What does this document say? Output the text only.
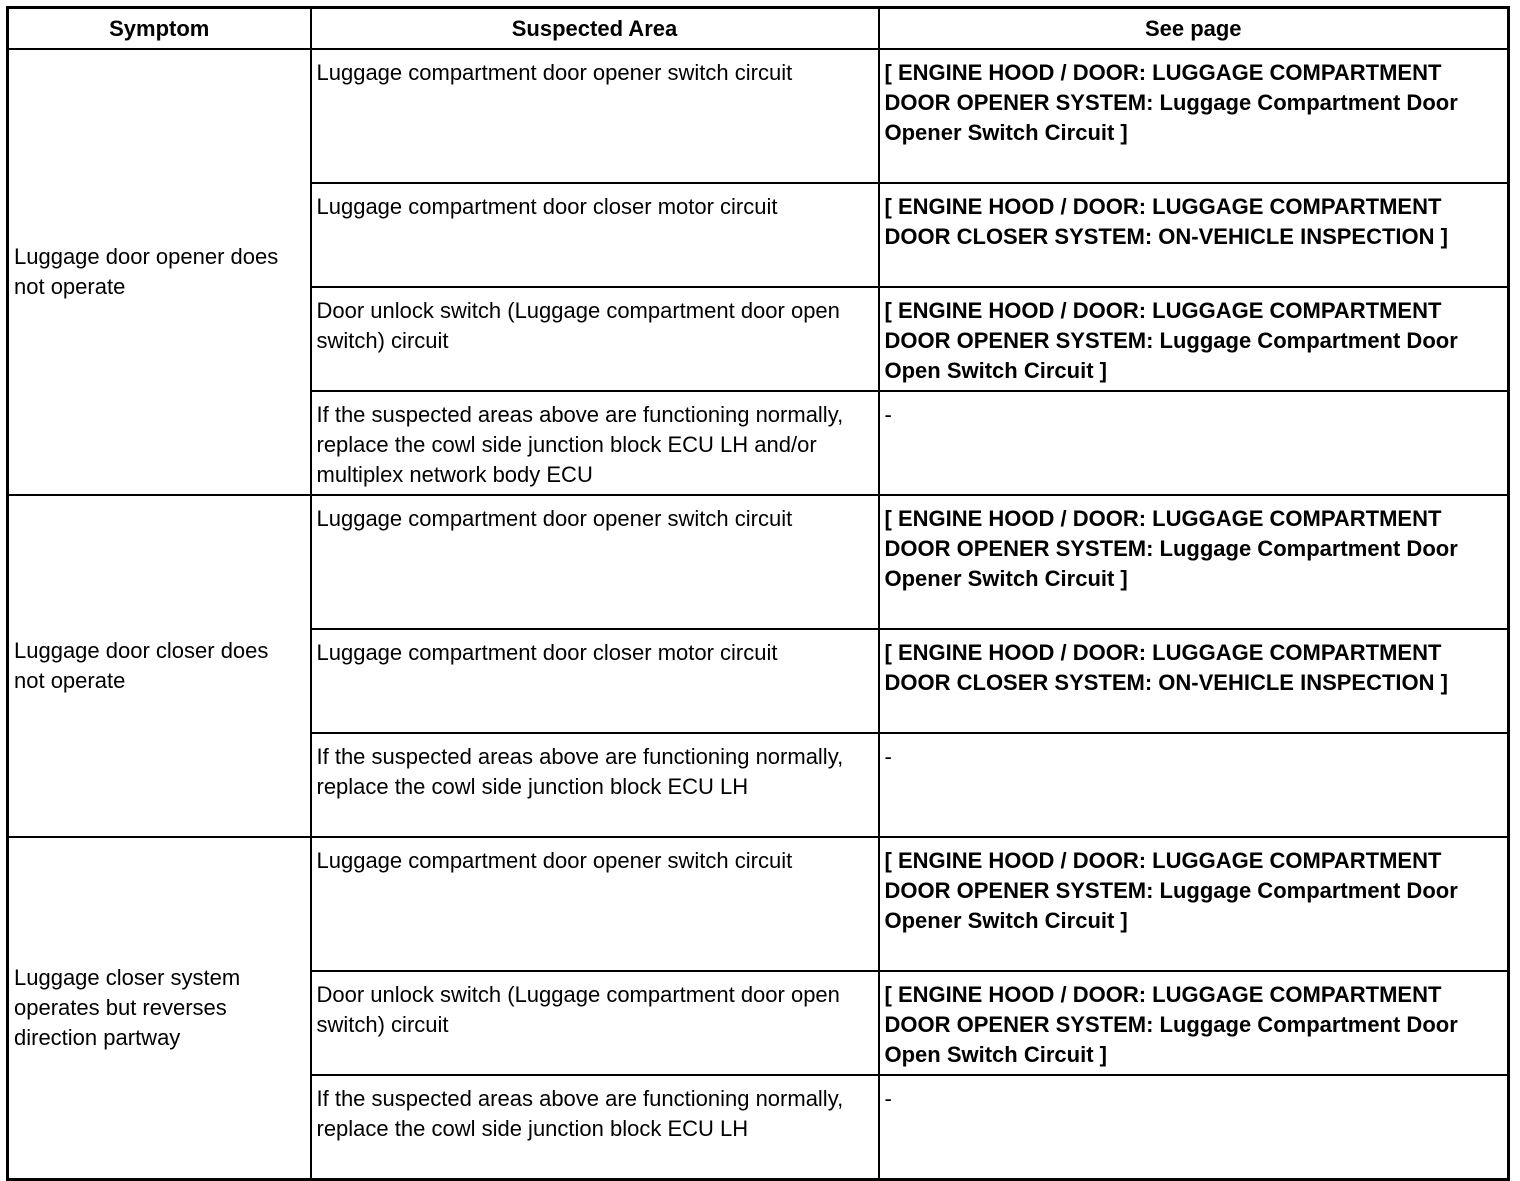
Symptom	Suspected Area	See page
Luggage door opener does not operate	Luggage compartment door opener switch circuit	[ ENGINE HOOD / DOOR: LUGGAGE COMPARTMENT DOOR OPENER SYSTEM: Luggage Compartment Door Opener Switch Circuit ]
	Luggage compartment door closer motor circuit	[ ENGINE HOOD / DOOR: LUGGAGE COMPARTMENT DOOR CLOSER SYSTEM: ON-VEHICLE INSPECTION ]
	Door unlock switch (Luggage compartment door open switch) circuit	[ ENGINE HOOD / DOOR: LUGGAGE COMPARTMENT DOOR OPENER SYSTEM: Luggage Compartment Door Open Switch Circuit ]
	If the suspected areas above are functioning normally, replace the cowl side junction block ECU LH and/or multiplex network body ECU	-
Luggage door closer does not operate	Luggage compartment door opener switch circuit	[ ENGINE HOOD / DOOR: LUGGAGE COMPARTMENT DOOR OPENER SYSTEM: Luggage Compartment Door Opener Switch Circuit ]
	Luggage compartment door closer motor circuit	[ ENGINE HOOD / DOOR: LUGGAGE COMPARTMENT DOOR CLOSER SYSTEM: ON-VEHICLE INSPECTION ]
	If the suspected areas above are functioning normally, replace the cowl side junction block ECU LH	-
Luggage closer system operates but reverses direction partway	Luggage compartment door opener switch circuit	[ ENGINE HOOD / DOOR: LUGGAGE COMPARTMENT DOOR OPENER SYSTEM: Luggage Compartment Door Opener Switch Circuit ]
	Door unlock switch (Luggage compartment door open switch) circuit	[ ENGINE HOOD / DOOR: LUGGAGE COMPARTMENT DOOR OPENER SYSTEM: Luggage Compartment Door Open Switch Circuit ]
	If the suspected areas above are functioning normally, replace the cowl side junction block ECU LH	-
